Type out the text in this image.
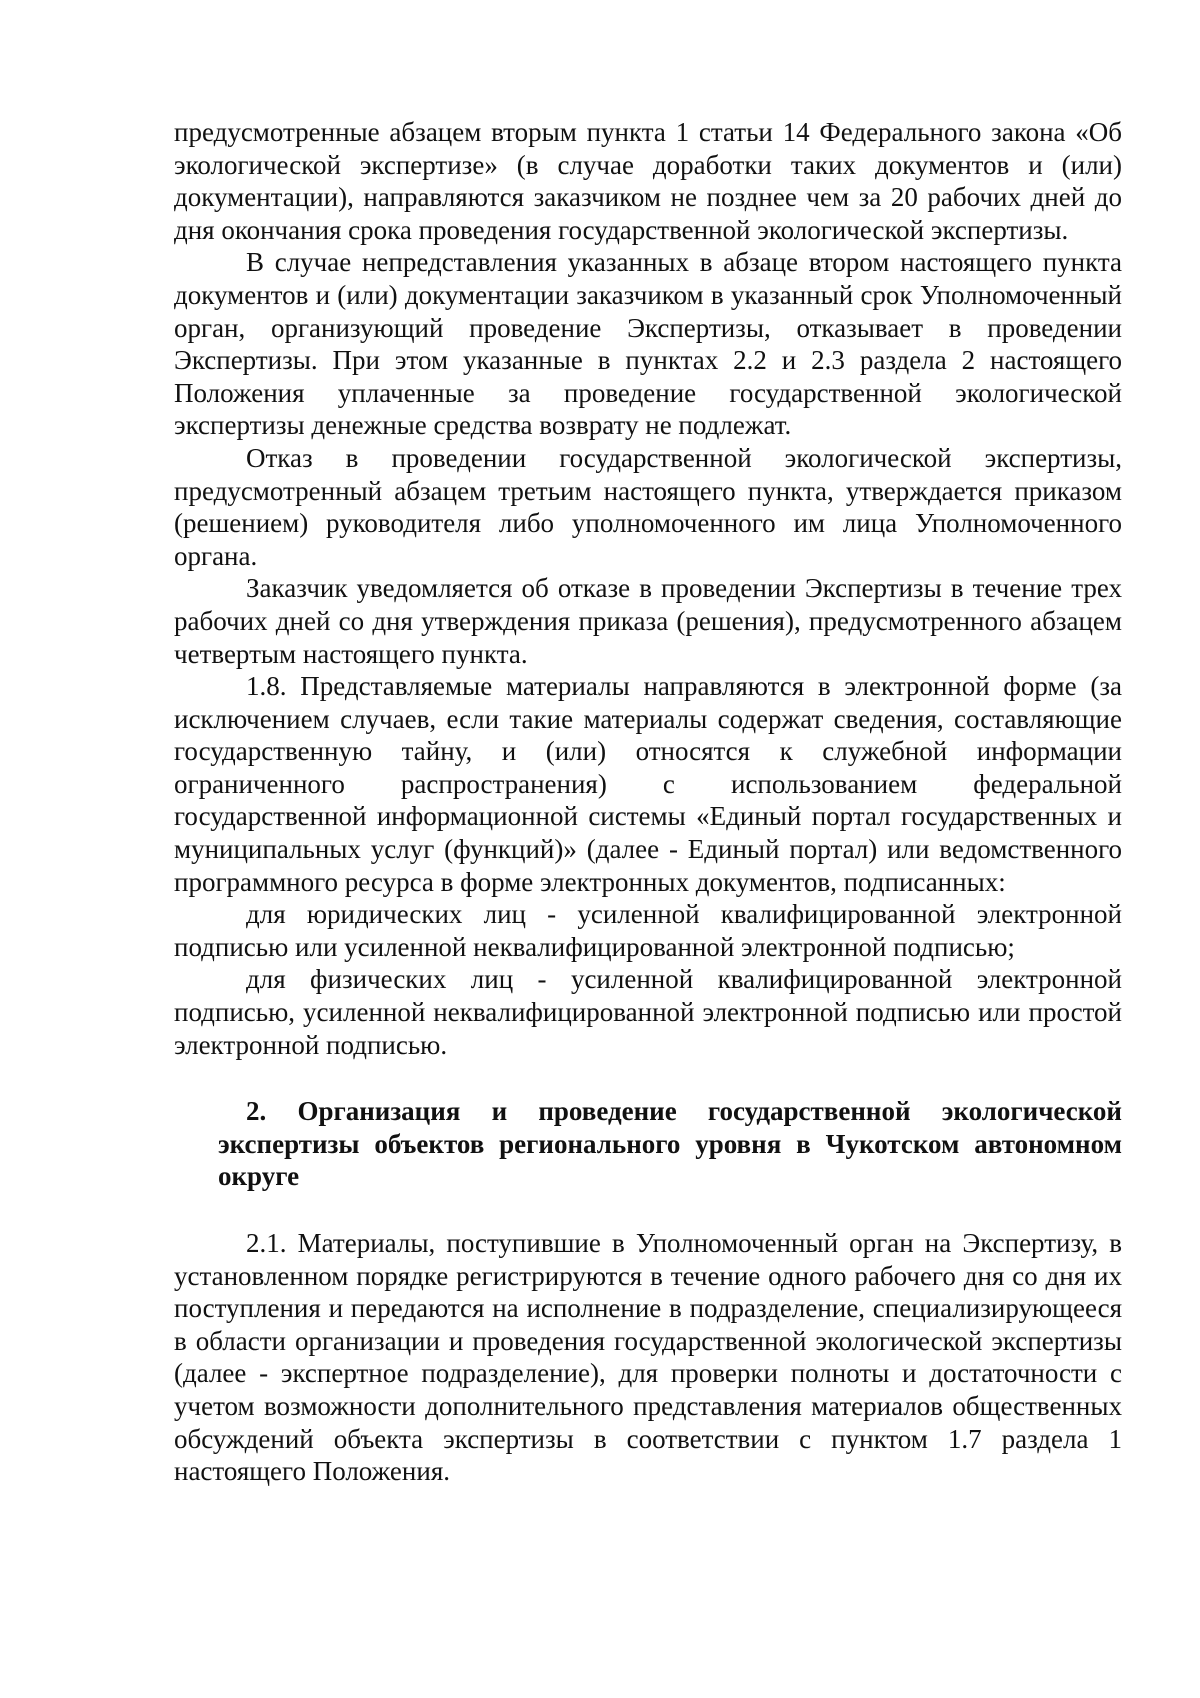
предусмотренные абзацем вторым пункта 1 статьи 14 Федерального закона «Об экологической экспертизе» (в случае доработки таких документов и (или) документации), направляются заказчиком не позднее чем за 20 рабочих дней до дня окончания срока проведения государственной экологической экспертизы.

В случае непредставления указанных в абзаце втором настоящего пункта документов и (или) документации заказчиком в указанный срок Уполномоченный орган, организующий проведение Экспертизы, отказывает в проведении Экспертизы. При этом указанные в пунктах 2.2 и 2.3 раздела 2 настоящего Положения уплаченные за проведение государственной экологической экспертизы денежные средства возврату не подлежат.

Отказ в проведении государственной экологической экспертизы, предусмотренный абзацем третьим настоящего пункта, утверждается приказом (решением) руководителя либо уполномоченного им лица Уполномоченного органа.

Заказчик уведомляется об отказе в проведении Экспертизы в течение трех рабочих дней со дня утверждения приказа (решения), предусмотренного абзацем четвертым настоящего пункта.

1.8. Представляемые материалы направляются в электронной форме (за исключением случаев, если такие материалы содержат сведения, составляющие государственную тайну, и (или) относятся к служебной информации ограниченного распространения) с использованием федеральной государственной информационной системы «Единый портал государственных и муниципальных услуг (функций)» (далее - Единый портал) или ведомственного программного ресурса в форме электронных документов, подписанных:

для юридических лиц - усиленной квалифицированной электронной подписью или усиленной неквалифицированной электронной подписью;

для физических лиц - усиленной квалифицированной электронной подписью, усиленной неквалифицированной электронной подписью или простой электронной подписью.

2. Организация и проведение государственной экологической экспертизы объектов регионального уровня в Чукотском автономном округе

2.1. Материалы, поступившие в Уполномоченный орган на Экспертизу, в установленном порядке регистрируются в течение одного рабочего дня со дня их поступления и передаются на исполнение в подразделение, специализирующееся в области организации и проведения государственной экологической экспертизы (далее - экспертное подразделение), для проверки полноты и достаточности с учетом возможности дополнительного представления материалов общественных обсуждений объекта экспертизы в соответствии с пунктом 1.7 раздела 1 настоящего Положения.
